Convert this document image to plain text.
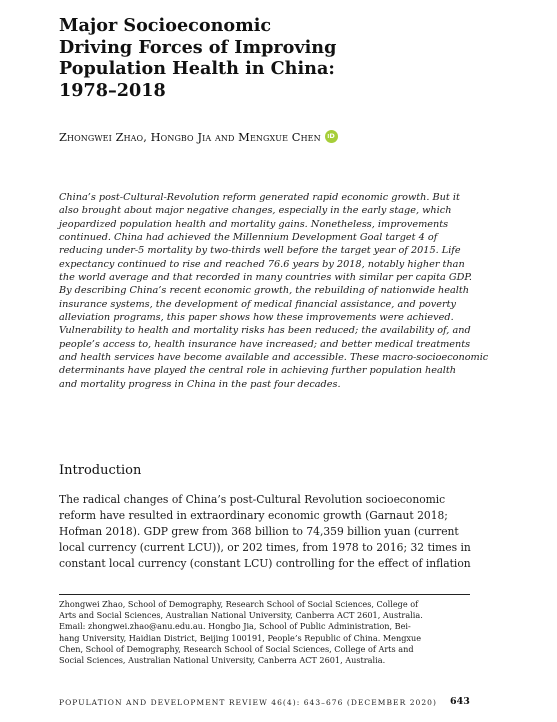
Major Socioeconomic
Driving Forces of Improving
Population Health in China:
1978–2018
Zhongwei Zhao, Hongbo Jia and Mengxue Chen	iD
China’s post-Cultural-Revolution reform generated rapid economic growth. But it
also brought about major negative changes, especially in the early stage, which
jeopardized population health and mortality gains. Nonetheless, improvements
continued. China had achieved the Millennium Development Goal target 4 of
reducing under-5 mortality by two-thirds well before the target year of 2015. Life
expectancy continued to rise and reached 76.6 years by 2018, notably higher than
the world average and that recorded in many countries with similar per capita GDP.
By describing China’s recent economic growth, the rebuilding of nationwide health
insurance systems, the development of medical financial assistance, and poverty
alleviation programs, this paper shows how these improvements were achieved.
Vulnerability to health and mortality risks has been reduced; the availability of, and
people’s access to, health insurance have increased; and better medical treatments
and health services have become available and accessible. These macro-socioeconomic
determinants have played the central role in achieving further population health
and mortality progress in China in the past four decades.
Introduction
The radical changes of China’s post-Cultural Revolution socioeconomic
reform have resulted in extraordinary economic growth (Garnaut 2018;
Hofman 2018). GDP grew from 368 billion to 74,359 billion yuan (current
local currency (current LCU)), or 202 times, from 1978 to 2016; 32 times in
constant local currency (constant LCU) controlling for the effect of inflation
Zhongwei Zhao, School of Demography, Research School of Social Sciences, College of
Arts and Social Sciences, Australian National University, Canberra ACT 2601, Australia.
Email: zhongwei.zhao@anu.edu.au. Hongbo Jia, School of Public Administration, Bei-
hang University, Haidian District, Beijing 100191, People’s Republic of China. Mengxue
Chen, School of Demography, Research School of Social Sciences, College of Arts and
Social Sciences, Australian National University, Canberra ACT 2601, Australia.
POPULATION AND DEVELOPMENT REVIEW 46(4): 643–676 (DECEMBER 2020) 643
